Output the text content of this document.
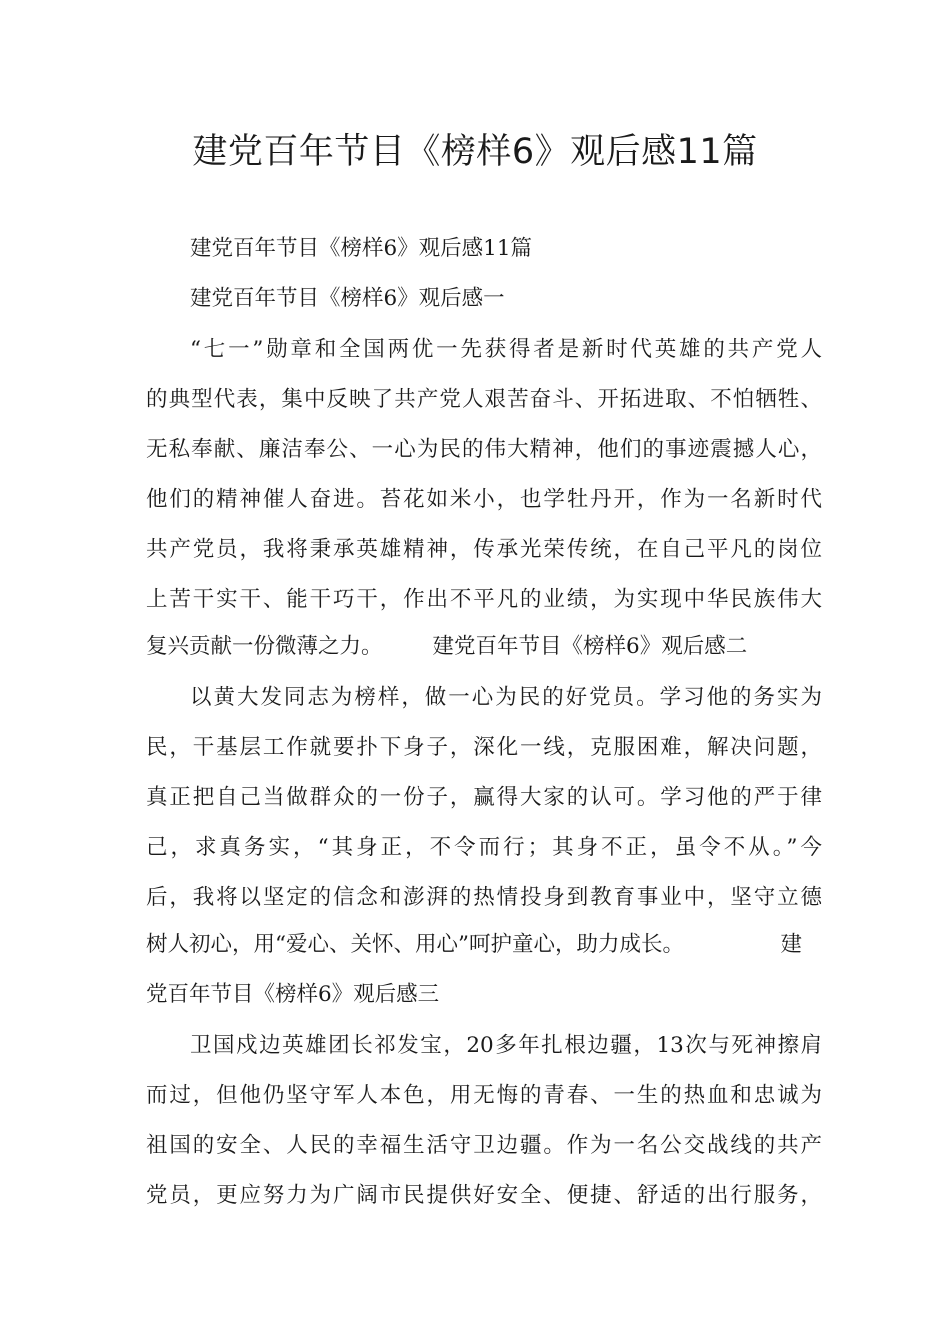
建党百年节目《榜样6》观后感11篇
建党百年节目《榜样6》观后感11篇
建党百年节目《榜样6》观后感一
“七一”勋章和全国两优一先获得者是新时代英雄的共产党人
的典型代表，集中反映了共产党人艰苦奋斗、开拓进取、不怕牺牲、
无私奉献、廉洁奉公、一心为民的伟大精神，他们的事迹震撼人心，
他们的精神催人奋进。苔花如米小，也学牡丹开，作为一名新时代
共产党员，我将秉承英雄精神，传承光荣传统，在自己平凡的岗位
上苦干实干、能干巧干，作出不平凡的业绩，为实现中华民族伟大
复兴贡献一份微薄之力。 建党百年节目《榜样6》观后感二
以黄大发同志为榜样，做一心为民的好党员。学习他的务实为
民，干基层工作就要扑下身子，深化一线，克服困难，解决问题，
真正把自己当做群众的一份子，赢得大家的认可。学习他的严于律
己，求真务实，“其身正，不令而行；其身不正，虽令不从。”今
后，我将以坚定的信念和澎湃的热情投身到教育事业中，坚守立德
树人初心，用“爱心、关怀、用心”呵护童心，助力成长。	建
党百年节目《榜样6》观后感三
卫国戍边英雄团长祁发宝，20多年扎根边疆，13次与死神擦肩
而过，但他仍坚守军人本色，用无悔的青春、一生的热血和忠诚为
祖国的安全、人民的幸福生活守卫边疆。作为一名公交战线的共产
党员，更应努力为广阔市民提供好安全、便捷、舒适的出行服务，
